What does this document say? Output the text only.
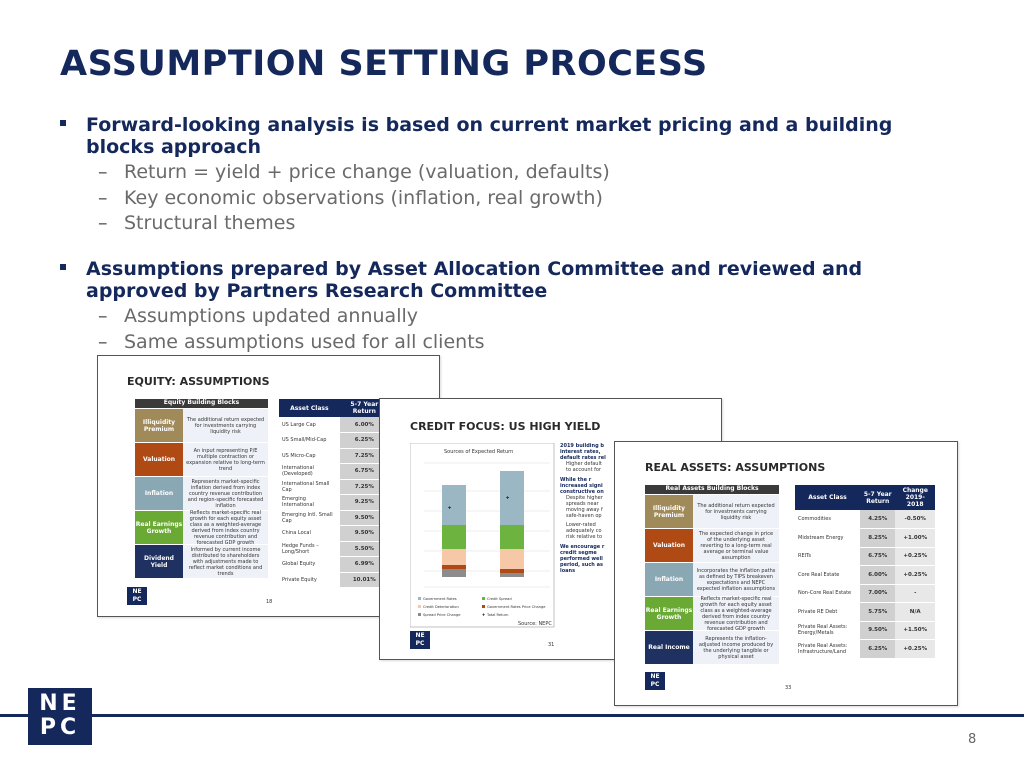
ASSUMPTION SETTING PROCESS
Forward-looking analysis is based on current market pricing and a building blocks approach
– Return = yield + price change (valuation, defaults)
– Key economic observations (inflation, real growth)
– Structural themes
Assumptions prepared by Asset Allocation Committee and reviewed and approved by Partners Research Committee
– Assumptions updated annually
– Same assumptions used for all clients
EQUITY: ASSUMPTIONS
Equity Building Blocks
Illiquidity Premium
The additional return expected for investments carrying liquidity risk
Valuation
An input representing P/E multiple contraction or expansion relative to long-term trend
Inflation
Represents market-specific inflation derived from index country revenue contribution and region-specific forecasted inflation
Real Earnings Growth
Reflects market-specific real growth for each equity asset class as a weighted-average derived from index country revenue contribution and forecasted GDP growth
Dividend Yield
Informed by current income distributed to shareholders with adjustments made to reflect market conditions and trends
Asset Class	5-7 Year Return
US Large Cap	6.00%
US Small/Mid-Cap	6.25%
US Micro-Cap	7.25%
International (Developed)	6.75%
International Small Cap	7.25%
Emerging International	9.25%
Emerging Intl. Small Cap	9.50%
China Local	9.50%
Hedge Funds – Long/Short	5.50%
Global Equity	6.99%
Private Equity	10.01%
NE
PC	18
CREDIT FOCUS: US HIGH YIELD
Sources of Expected Return
✚
✚
Government Rates	Credit Spread
Credit Deterioration	Government Rates Price Change
Spread Price Change	✚ Total Return
2019 building b
interest rates,
default rates rel
Higher default
to account for
While the r
increased signi
constructive on
Despite higher
spreads near
moving away f
safe-haven op
Lower-rated
adequately co
risk relative to
We encourage r
credit segme
performed well
period, such as
loans
NE
PC
Source: NEPC
31
REAL ASSETS: ASSUMPTIONS
Real Assets Building Blocks
Illiquidity Premium
The additional return expected for investments carrying liquidity risk
Valuation
The expected change in price of the underlying asset reverting to a long-term real average or terminal value assumption
Inflation
Incorporates the inflation paths as defined by TIPS breakeven expectations and NEPC expected inflation assumptions
Real Earnings Growth
Reflects market-specific real growth for each equity asset class as a weighted-average derived from index country revenue contribution and forecasted GDP growth
Real Income
Represents the inflation-adjusted income produced by the underlying tangible or physical asset
Asset Class	5-7 Year Return	Change 2019-2018
Commodities	4.25%	-0.50%
Midstream Energy	8.25%	+1.00%
REITs	6.75%	+0.25%
Core Real Estate	6.00%	+0.25%
Non-Core Real Estate	7.00%	-
Private RE Debt	5.75%	N/A
Private Real Assets: Energy/Metals	9.50%	+1.50%
Private Real Assets: Infrastructure/Land	6.25%	+0.25%
NE
PC	33
NE
PC	8
